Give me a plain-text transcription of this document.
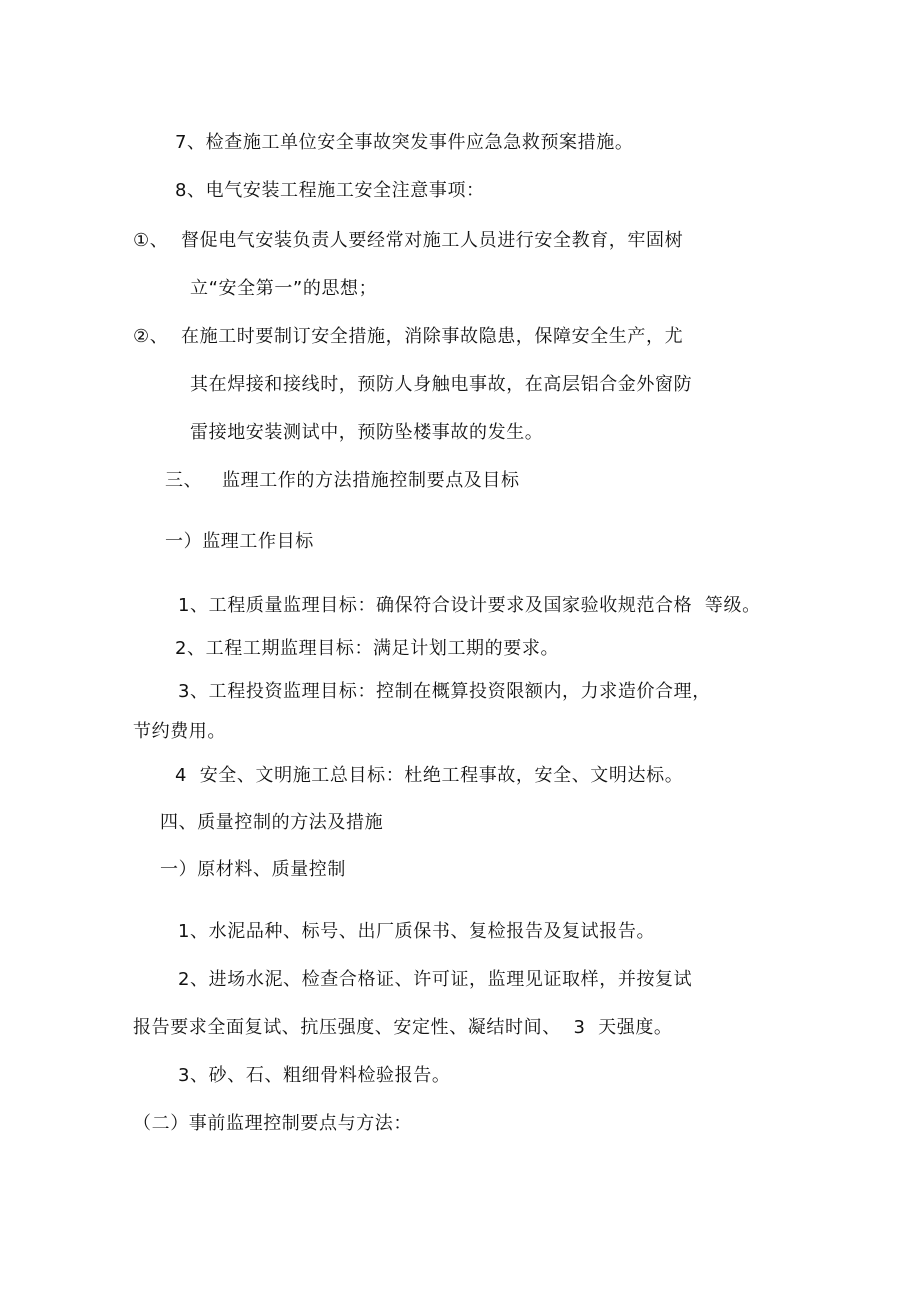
7、检查施工单位安全事故突发事件应急急救预案措施。
8、电气安装工程施工安全注意事项：
①、 督促电气安装负责人要经常对施工人员进行安全教育，牢固树
立“安全第一”的思想；
②、 在施工时要制订安全措施，消除事故隐患，保障安全生产，尤
其在焊接和接线时，预防人身触电事故，在高层铝合金外窗防
雷接地安装测试中，预防坠楼事故的发生。
三、 监理工作的方法措施控制要点及目标
一）监理工作目标
1、工程质量监理目标：确保符合设计要求及国家验收规范合格  等级。
2、工程工期监理目标：满足计划工期的要求。
3、工程投资监理目标：控制在概算投资限额内，力求造价合理，
节约费用。
4  安全、文明施工总目标：杜绝工程事故，安全、文明达标。
四、质量控制的方法及措施
一）原材料、质量控制
1、水泥品种、标号、出厂质保书、复检报告及复试报告。
2、进场水泥、检查合格证、许可证，监理见证取样，并按复试
报告要求全面复试、抗压强度、安定性、凝结时间、  3  天强度。
3、砂、石、粗细骨料检验报告。
（二）事前监理控制要点与方法：
